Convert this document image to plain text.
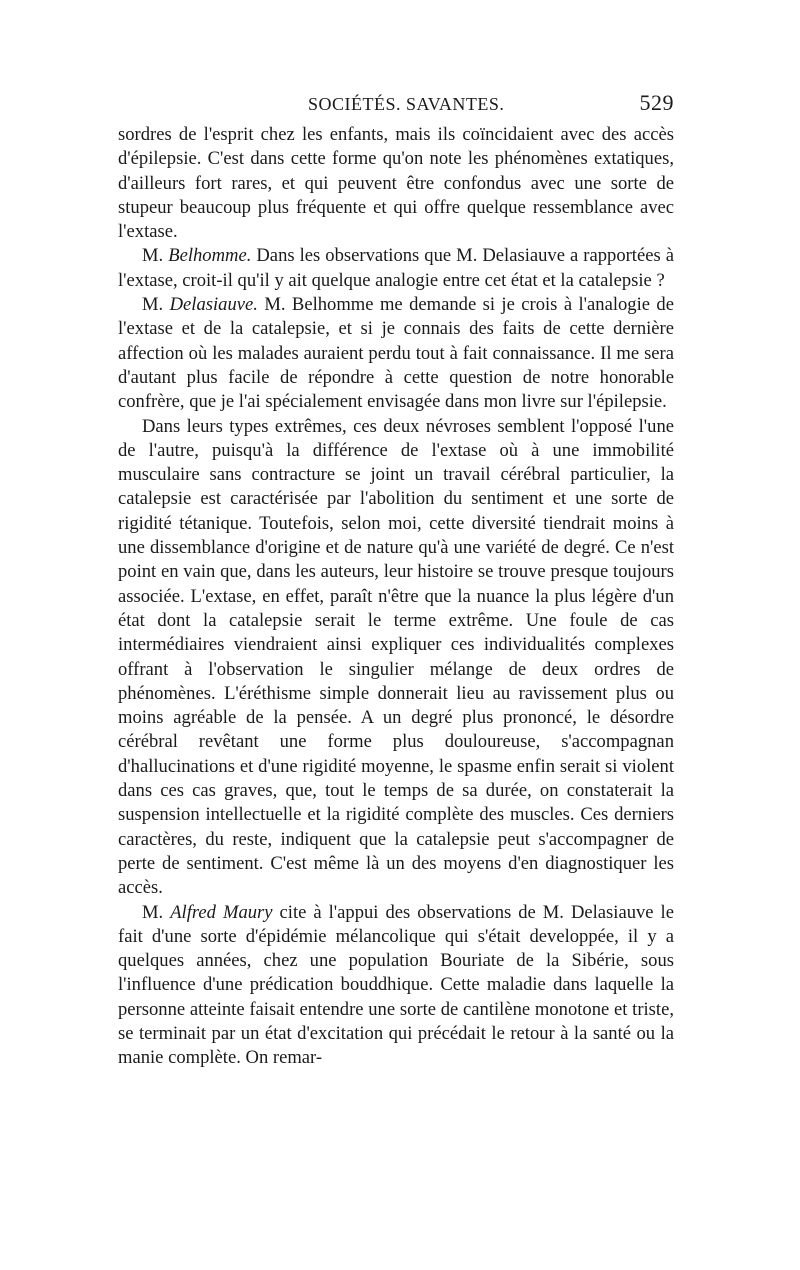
SOCIÉTÉS. SAVANTES.	529

sordres de l'esprit chez les enfants, mais ils coïncidaient avec des accès d'épilepsie. C'est dans cette forme qu'on note les phénomènes extatiques, d'ailleurs fort rares, et qui peuvent être confondus avec une sorte de stupeur beaucoup plus fréquente et qui offre quelque ressemblance avec l'extase.

M. Belhomme. Dans les observations que M. Delasiauve a rapportées à l'extase, croit-il qu'il y ait quelque analogie entre cet état et la catalepsie ?

M. Delasiauve. M. Belhomme me demande si je crois à l'analogie de l'extase et de la catalepsie, et si je connais des faits de cette dernière affection où les malades auraient perdu tout à fait connaissance. Il me sera d'autant plus facile de répondre à cette question de notre honorable confrère, que je l'ai spécialement envisagée dans mon livre sur l'épilepsie.

Dans leurs types extrêmes, ces deux névroses semblent l'opposé l'une de l'autre, puisqu'à la différence de l'extase où à une immobilité musculaire sans contracture se joint un travail cérébral particulier, la catalepsie est caractérisée par l'abolition du sentiment et une sorte de rigidité tétanique. Toutefois, selon moi, cette diversité tiendrait moins à une dissemblance d'origine et de nature qu'à une variété de degré. Ce n'est point en vain que, dans les auteurs, leur histoire se trouve presque toujours associée. L'extase, en effet, paraît n'être que la nuance la plus légère d'un état dont la catalepsie serait le terme extrême. Une foule de cas intermédiaires viendraient ainsi expliquer ces individualités complexes offrant à l'observation le singulier mélange de deux ordres de phénomènes. L'éréthisme simple donnerait lieu au ravissement plus ou moins agréable de la pensée. A un degré plus prononcé, le désordre cérébral revêtant une forme plus douloureuse, s'accompagnan d'hallucinations et d'une rigidité moyenne, le spasme enfin serait si violent dans ces cas graves, que, tout le temps de sa durée, on constaterait la suspension intellectuelle et la rigidité complète des muscles. Ces derniers caractères, du reste, indiquent que la catalepsie peut s'accompagner de perte de sentiment. C'est même là un des moyens d'en diagnostiquer les accès.

M. Alfred Maury cite à l'appui des observations de M. Delasiauve le fait d'une sorte d'épidémie mélancolique qui s'était developpée, il y a quelques années, chez une population Bouriate de la Sibérie, sous l'influence d'une prédication bouddhique. Cette maladie dans laquelle la personne atteinte faisait entendre une sorte de cantilène monotone et triste, se terminait par un état d'excitation qui précédait le retour à la santé ou la manie complète. On remar-
